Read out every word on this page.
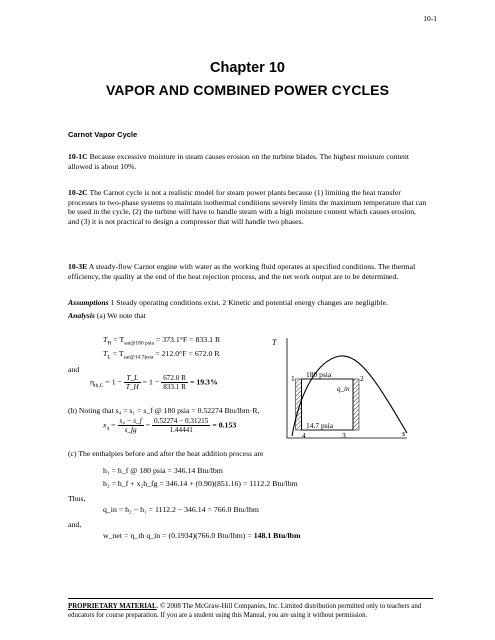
10-1
Chapter 10
VAPOR AND COMBINED POWER CYCLES
Carnot Vapor Cycle
10-1C Because excessive moisture in steam causes erosion on the turbine blades. The highest moisture content allowed is about 10%.
10-2C The Carnot cycle is not a realistic model for steam power plants because (1) limiting the heat transfer processes to two-phase systems to maintain isothermal conditions severely limits the maximum temperature that can be used in the cycle, (2) the turbine will have to handle steam with a high moisture content which causes erosion, and (3) it is not practical to design a compressor that will handle two phases.
10-3E A steady-flow Carnot engine with water as the working fluid operates at specified conditions. The thermal efficiency, the quality at the end of the heat rejection process, and the net work output are to be determined.
Assumptions 1 Steady operating conditions exist. 2 Kinetic and potential energy changes are negligible.
Analysis (a) We note that
$T_H = T_{sat@180 psia} = 373.1^\circ F = 833.1$ R
$T_L = T_{sat@14.7psia} = 212.0^\circ F = 672.0$ R
and
$\eta_{th,C} = 1 - \frac{T\_L}{T\_H} = 1 - \frac{672.0 R}{833.1 R} = 19.3\%$
(b) Noting that s₄ = s₁ = s_f @ 180 psia = 0.52274 Btu/lbm·R,
$x_4 = \frac{\text{s₄ − s\_f}}{s\_fg} = \frac{0.52274 - 0.31215}{1.44441} = 0.153$
(c) The enthalpies before and after the heat addition process are
h₁ = h_f @ 180 psia = 346.14 Btu/lbm
h₂ = h_f + x₂h_fg = 346.14 + (0.90)(851.16) = 1112.2 Btu/lbm
Thus,
q_in = h₂ − h₁ = 1112.2 − 346.14 = 766.0 Btu/lbm
and,
w_net = η_th q_in = (0.1934)(766.0 Btu/lbm) = 148.1 Btu/lbm
T
s
1	2
3
4
180 psia
14.7 psia
q_in
PROPRIETARY MATERIAL. © 2008 The McGraw-Hill Companies, Inc. Limited distribution permitted only to teachers and educators for course preparation. If you are a student using this Manual, you are using it without permission.
